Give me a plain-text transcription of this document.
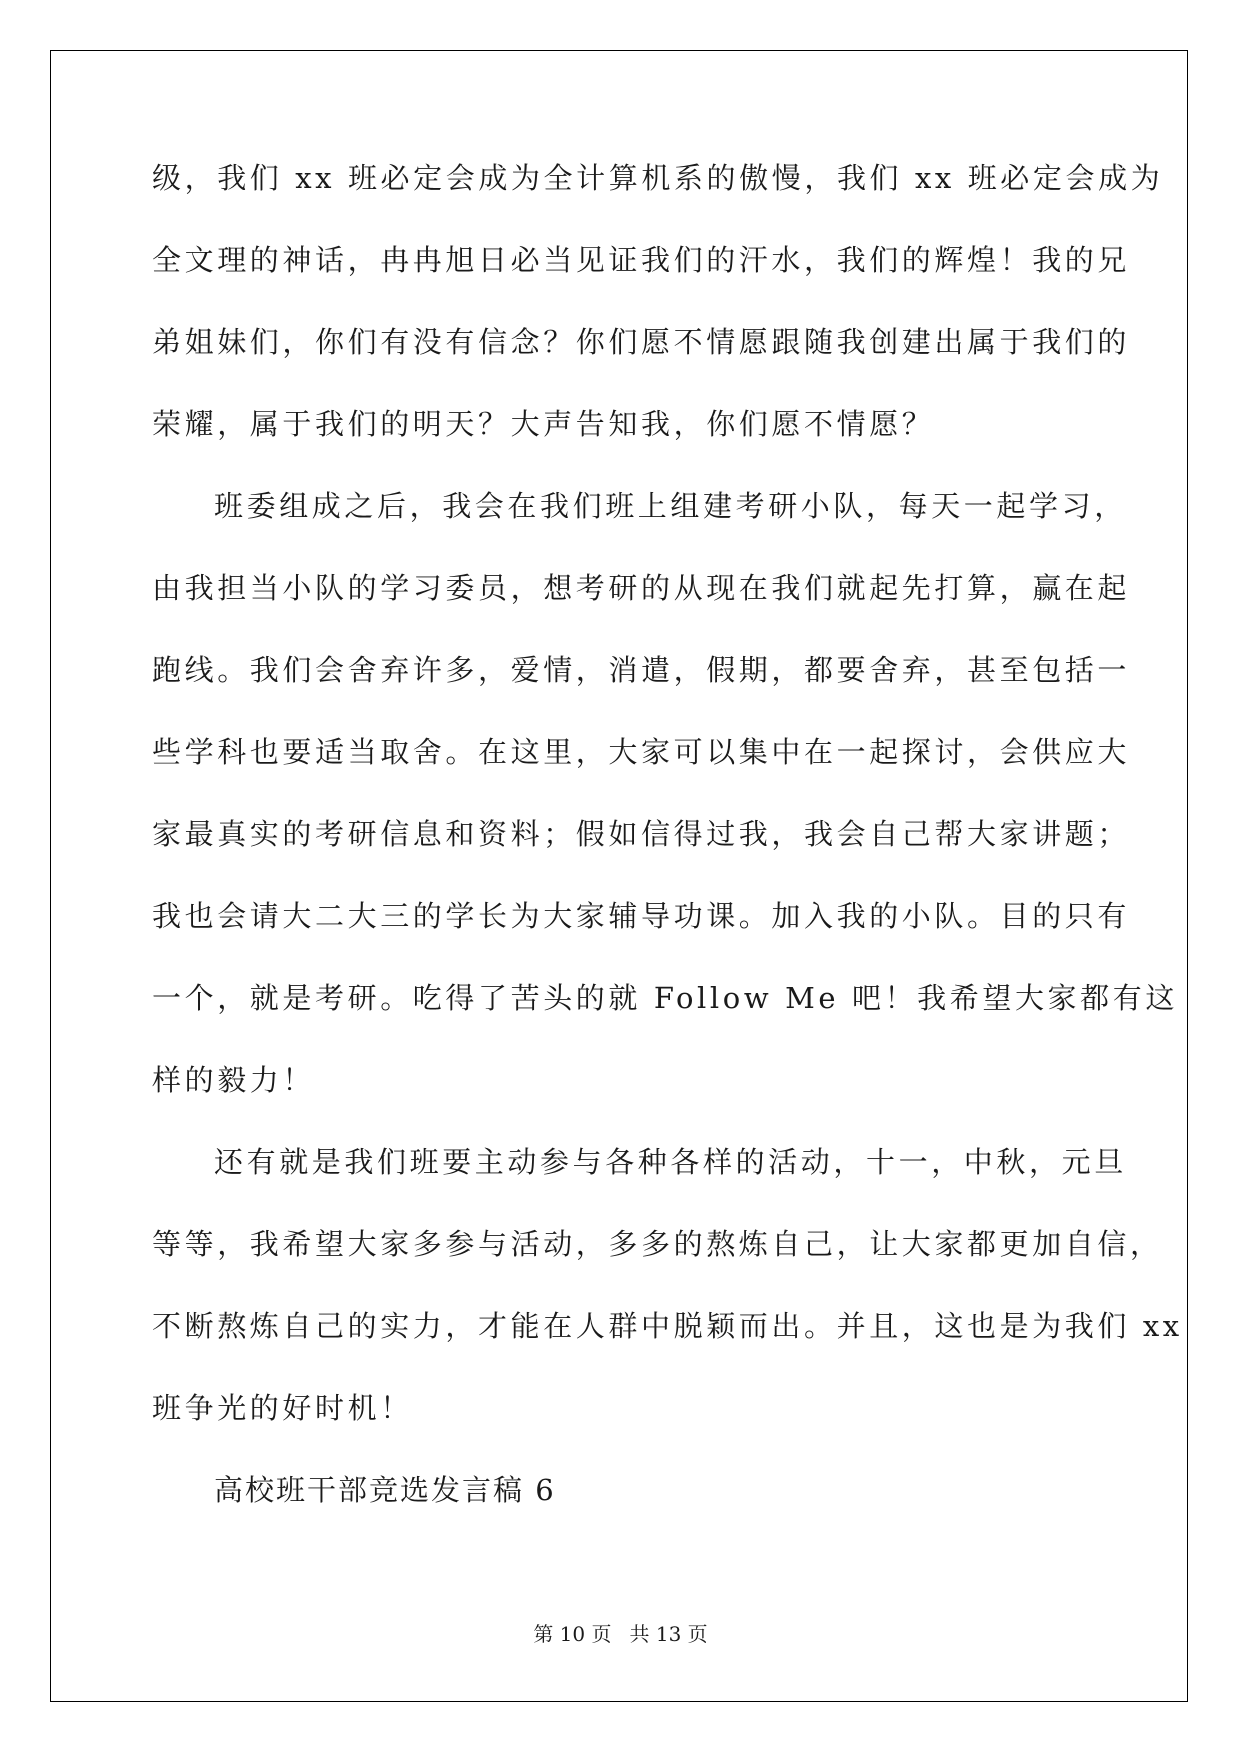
级，我们 xx 班必定会成为全计算机系的傲慢，我们 xx 班必定会成为
全文理的神话，冉冉旭日必当见证我们的汗水，我们的辉煌！我的兄
弟姐妹们，你们有没有信念？你们愿不情愿跟随我创建出属于我们的
荣耀，属于我们的明天？大声告知我，你们愿不情愿？
班委组成之后，我会在我们班上组建考研小队，每天一起学习，
由我担当小队的学习委员，想考研的从现在我们就起先打算，赢在起
跑线。我们会舍弃许多，爱情，消遣，假期，都要舍弃，甚至包括一
些学科也要适当取舍。在这里，大家可以集中在一起探讨，会供应大
家最真实的考研信息和资料；假如信得过我，我会自己帮大家讲题；
我也会请大二大三的学长为大家辅导功课。加入我的小队。目的只有
一个，就是考研。吃得了苦头的就 Follow Me 吧！我希望大家都有这
样的毅力！
还有就是我们班要主动参与各种各样的活动，十一，中秋，元旦
等等，我希望大家多参与活动，多多的熬炼自己，让大家都更加自信，
不断熬炼自己的实力，才能在人群中脱颖而出。并且，这也是为我们 xx
班争光的好时机！
高校班干部竞选发言稿 6
第 10 页 共 13 页
